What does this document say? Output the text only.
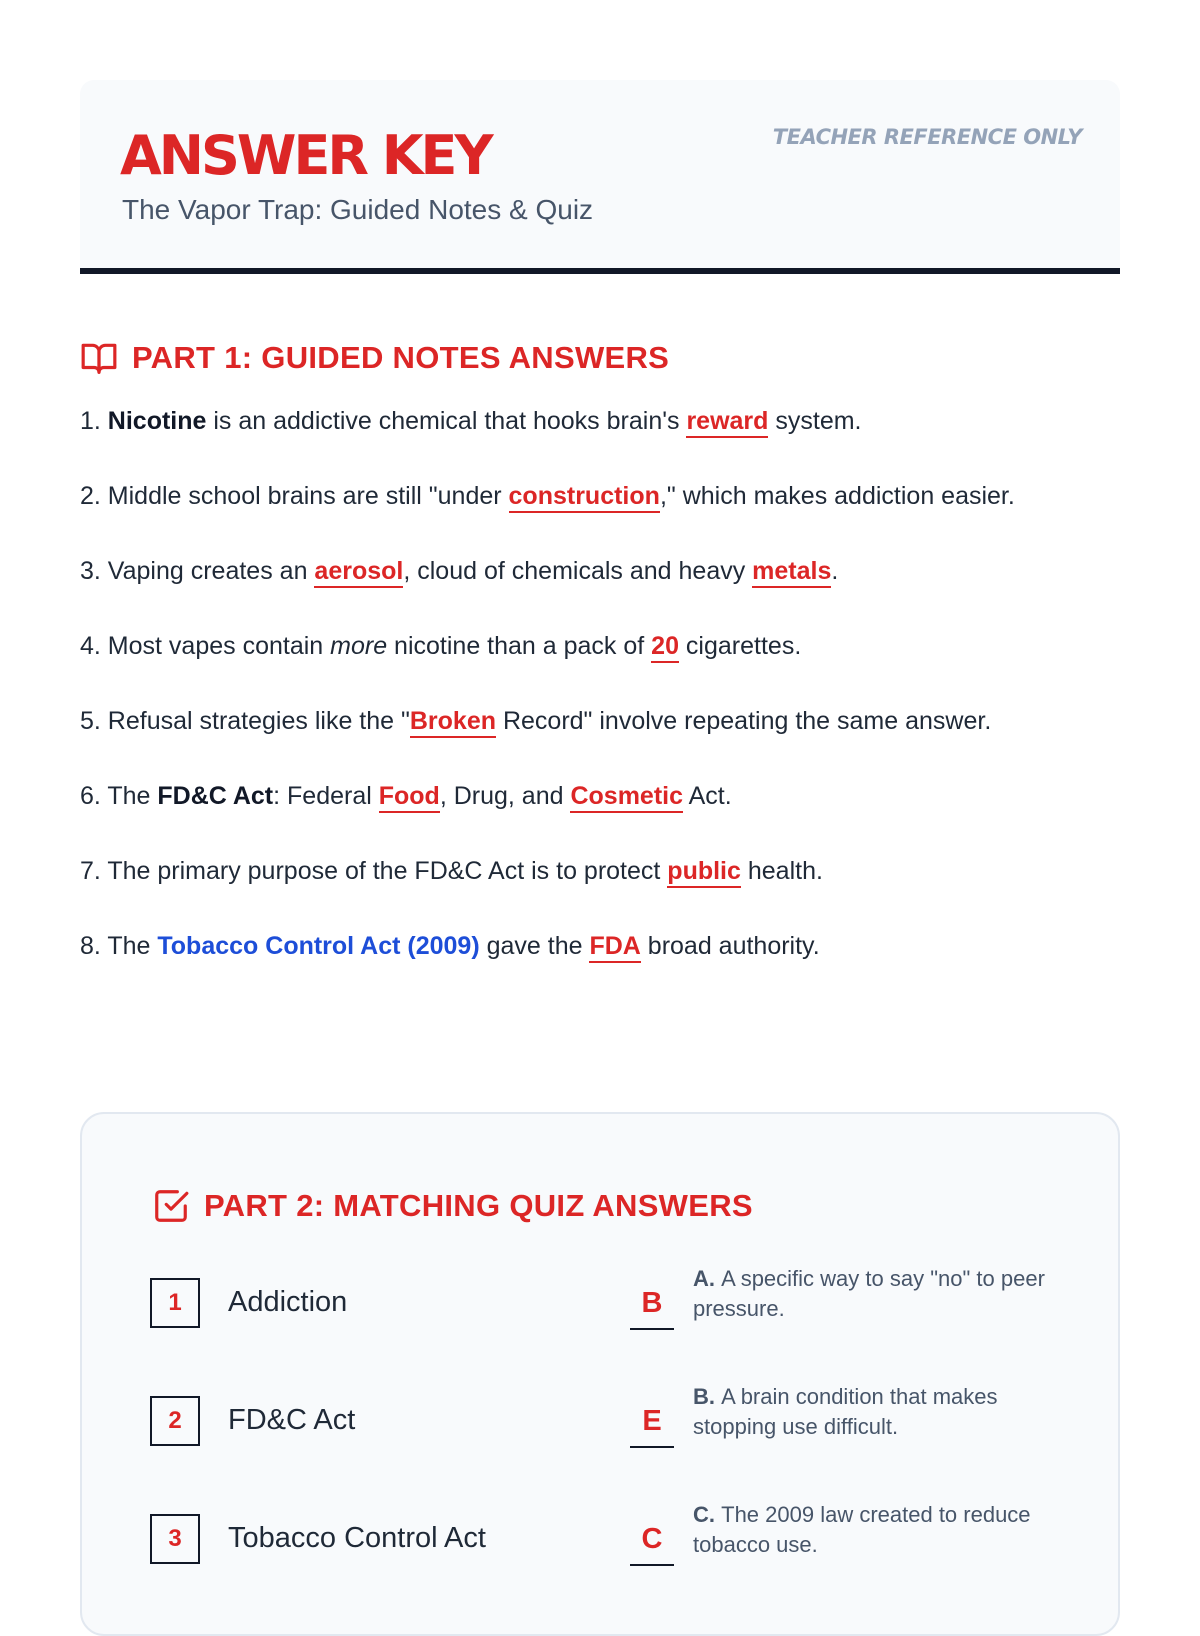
ANSWER KEY
The Vapor Trap: Guided Notes & Quiz
TEACHER REFERENCE ONLY
PART 1: GUIDED NOTES ANSWERS

1. Nicotine is an addictive chemical that hooks brain's reward system.

2. Middle school brains are still "under construction," which makes addiction easier.

3. Vaping creates an aerosol, cloud of chemicals and heavy metals.

4. Most vapes contain more nicotine than a pack of 20 cigarettes.

5. Refusal strategies like the "Broken Record" involve repeating the same answer.

6. The FD&C Act: Federal Food, Drug, and Cosmetic Act.

7. The primary purpose of the FD&C Act is to protect public health.

8. The Tobacco Control Act (2009) gave the FDA broad authority.

PART 2: MATCHING QUIZ ANSWERS
1	Addiction	B
A. A specific way to say "no" to peer pressure.
2	FD&C Act	E
B. A brain condition that makes stopping use difficult.
3	Tobacco Control Act	C
C. The 2009 law created to reduce tobacco use.
